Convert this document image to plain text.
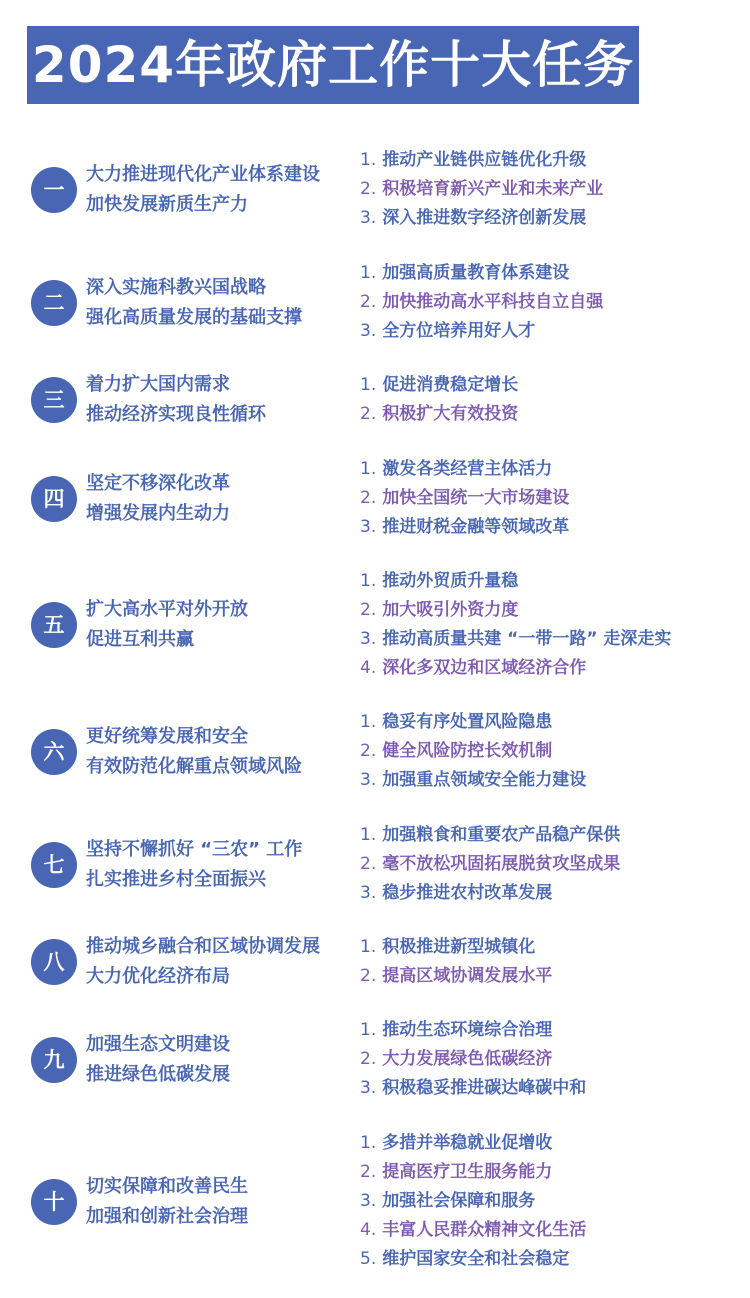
2024年政府工作十大任务
一
大力推进现代化产业体系建设
加快发展新质生产力
1. 推动产业链供应链优化升级
2. 积极培育新兴产业和未来产业
3. 深入推进数字经济创新发展
二
深入实施科教兴国战略
强化高质量发展的基础支撑
1. 加强高质量教育体系建设
2. 加快推动高水平科技自立自强
3. 全方位培养用好人才
三
着力扩大国内需求
推动经济实现良性循环
1. 促进消费稳定增长
2. 积极扩大有效投资
四
坚定不移深化改革
增强发展内生动力
1. 激发各类经营主体活力
2. 加快全国统一大市场建设
3. 推进财税金融等领域改革
五
扩大高水平对外开放
促进互利共赢
1. 推动外贸质升量稳
2. 加大吸引外资力度
3. 推动高质量共建 “一带一路” 走深走实
4. 深化多双边和区域经济合作
六
更好统筹发展和安全
有效防范化解重点领域风险
1. 稳妥有序处置风险隐患
2. 健全风险防控长效机制
3. 加强重点领域安全能力建设
七
坚持不懈抓好 “三农” 工作
扎实推进乡村全面振兴
1. 加强粮食和重要农产品稳产保供
2. 毫不放松巩固拓展脱贫攻坚成果
3. 稳步推进农村改革发展
八
推动城乡融合和区域协调发展
大力优化经济布局
1. 积极推进新型城镇化
2. 提高区域协调发展水平
九
加强生态文明建设
推进绿色低碳发展
1. 推动生态环境综合治理
2. 大力发展绿色低碳经济
3. 积极稳妥推进碳达峰碳中和
十
切实保障和改善民生
加强和创新社会治理
1. 多措并举稳就业促增收
2. 提高医疗卫生服务能力
3. 加强社会保障和服务
4. 丰富人民群众精神文化生活
5. 维护国家安全和社会稳定
